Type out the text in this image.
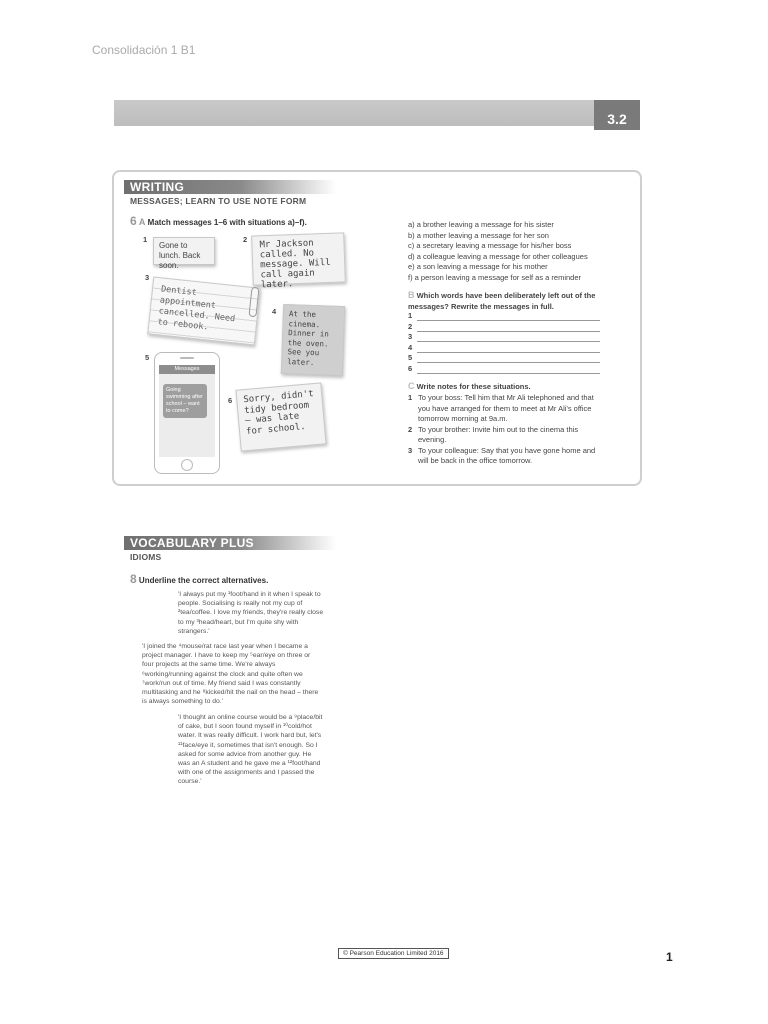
Consolidación 1 B1
3.2
WRITING
MESSAGES; LEARN TO USE NOTE FORM
6 A Match messages 1–6 with situations a)–f).
1
Gone to lunch. Back soon.
2	Mr Jackson called. No message. Will call again later.
3
Dentist appointment cancelled. Need to rebook.
4	At the cinema. Dinner in the oven. See you later.
5
Messages
Going swimming after school – want to come?
6	Sorry, didn't tidy bedroom – was late for school.
a) a brother leaving a message for his sister
b) a mother leaving a message for her son
c) a secretary leaving a message for his/her boss
d) a colleague leaving a message for other colleagues
e) a son leaving a message for his mother
f) a person leaving a message for self as a reminder
B Which words have been deliberately left out of the messages? Rewrite the messages in full.
1
2
3
4
5
6
C Write notes for these situations.
1 To your boss: Tell him that Mr Ali telephoned and that you have arranged for them to meet at Mr Ali's office tomorrow morning at 9a.m.
2 To your brother: Invite him out to the cinema this evening.
3 To your colleague: Say that you have gone home and will be back in the office tomorrow.
VOCABULARY PLUS
IDIOMS
8 Underline the correct alternatives.
'I always put my ¹foot/hand in it when I speak to people. Socialising is really not my cup of ²tea/coffee. I love my friends, they're really close to my ³head/heart, but I'm quite shy with strangers.'
'I joined the ⁴mouse/rat race last year when I became a project manager. I have to keep my ⁵ear/eye on three or four projects at the same time. We're always ⁶working/running against the clock and quite often we ⁷work/run out of time. My friend said I was constantly multitasking and he ⁸kicked/hit the nail on the head – there is always something to do.'
'I thought an online course would be a ⁹place/bit of cake, but I soon found myself in ¹⁰cold/hot water. It was really difficult. I work hard but, let's ¹¹face/eye it, sometimes that isn't enough. So I asked for some advice from another guy. He was an A student and he gave me a ¹²foot/hand with one of the assignments and I passed the course.'
© Pearson Education Limited 2016	1
